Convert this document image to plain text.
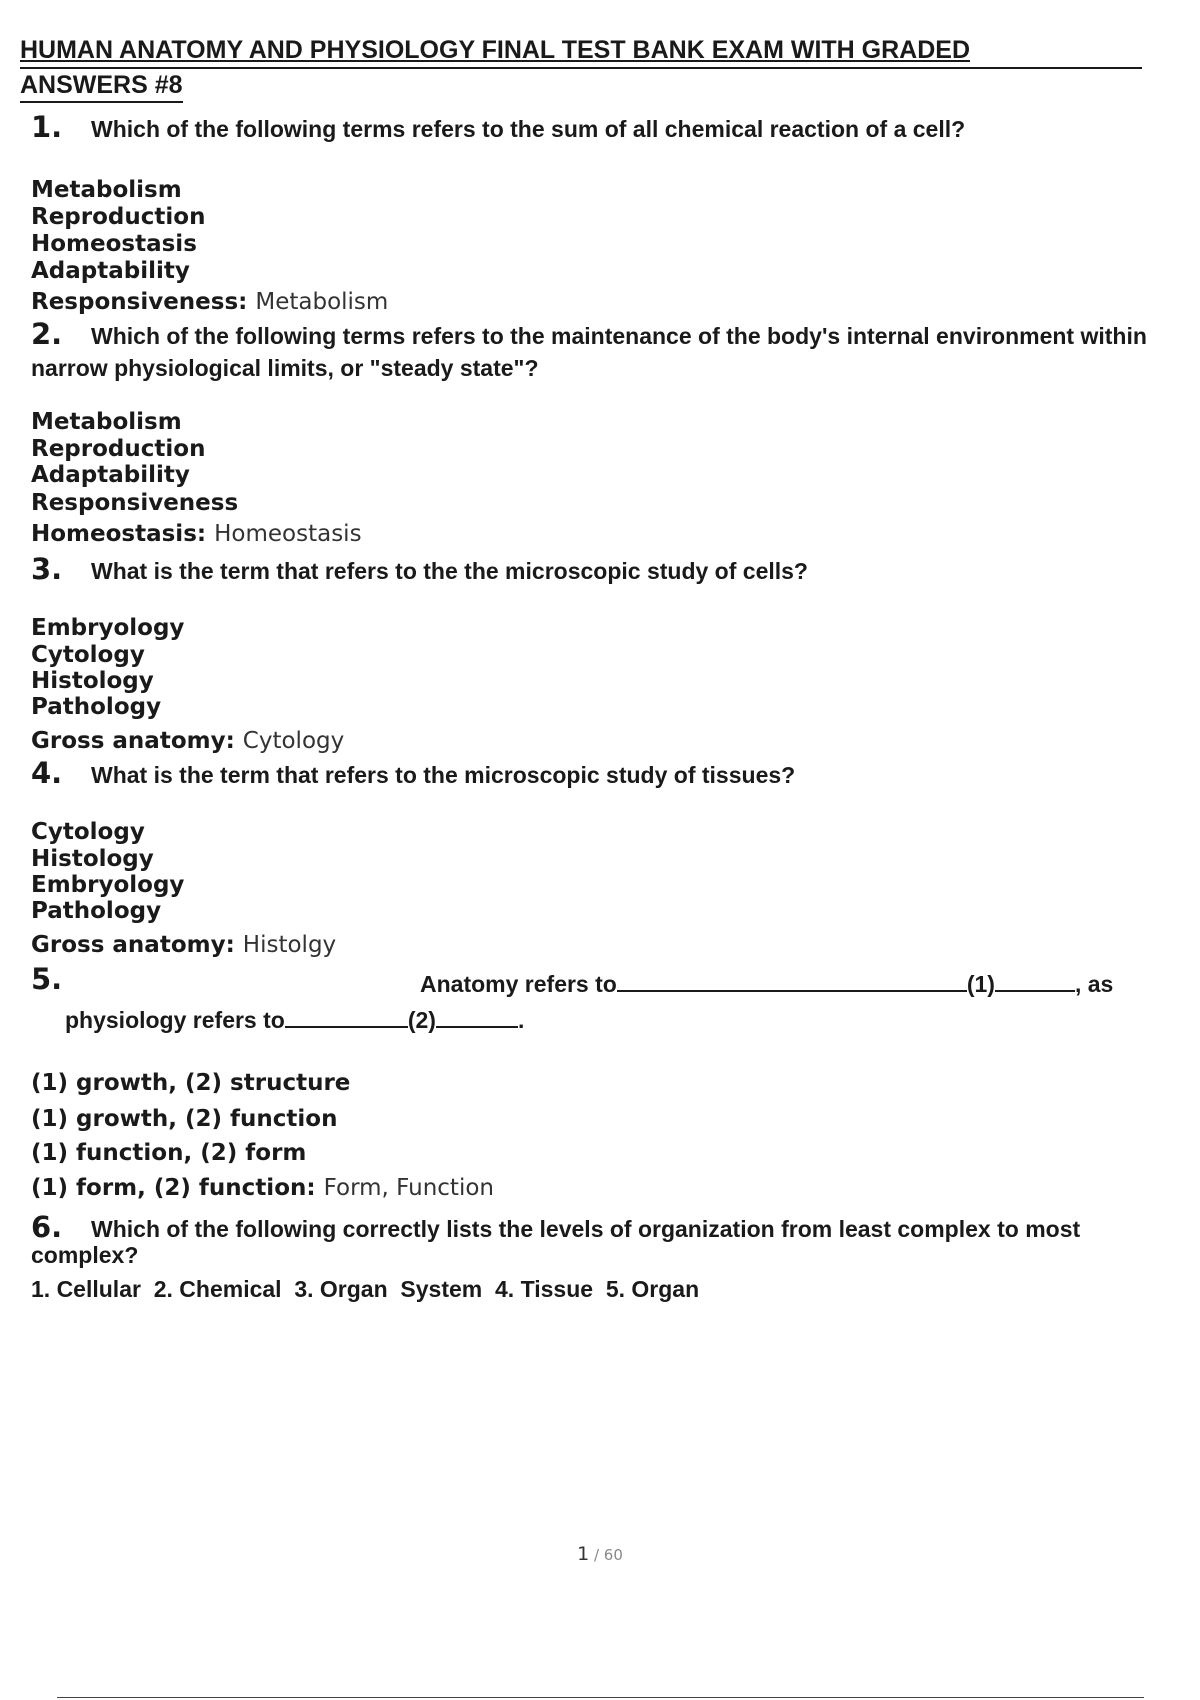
HUMAN ANATOMY AND PHYSIOLOGY FINAL TEST BANK EXAM WITH GRADED
ANSWERS #8
1. Which of the following terms refers to the sum of all chemical reaction of a cell?
Metabolism
Reproduction
Homeostasis
Adaptability
Responsiveness: Metabolism
2. Which of the following terms refers to the maintenance of the body's internal environment within
narrow physiological limits, or "steady state"?
Metabolism
Reproduction
Adaptability
Responsiveness
Homeostasis: Homeostasis
3. What is the term that refers to the the microscopic study of cells?
Embryology
Cytology
Histology
Pathology
Gross anatomy: Cytology
4. What is the term that refers to the microscopic study of tissues?
Cytology
Histology
Embryology
Pathology
Gross anatomy: Histolgy
5.	Anatomy refers to	(1)	, as
physiology refers to	(2)	.
(1) growth, (2) structure
(1) growth, (2) function
(1) function, (2) form
(1) form, (2) function: Form, Function
6. Which of the following correctly lists the levels of organization from least complex to most
complex?
1. Cellular  2. Chemical  3. Organ  System  4. Tissue  5. Organ
1 / 60
